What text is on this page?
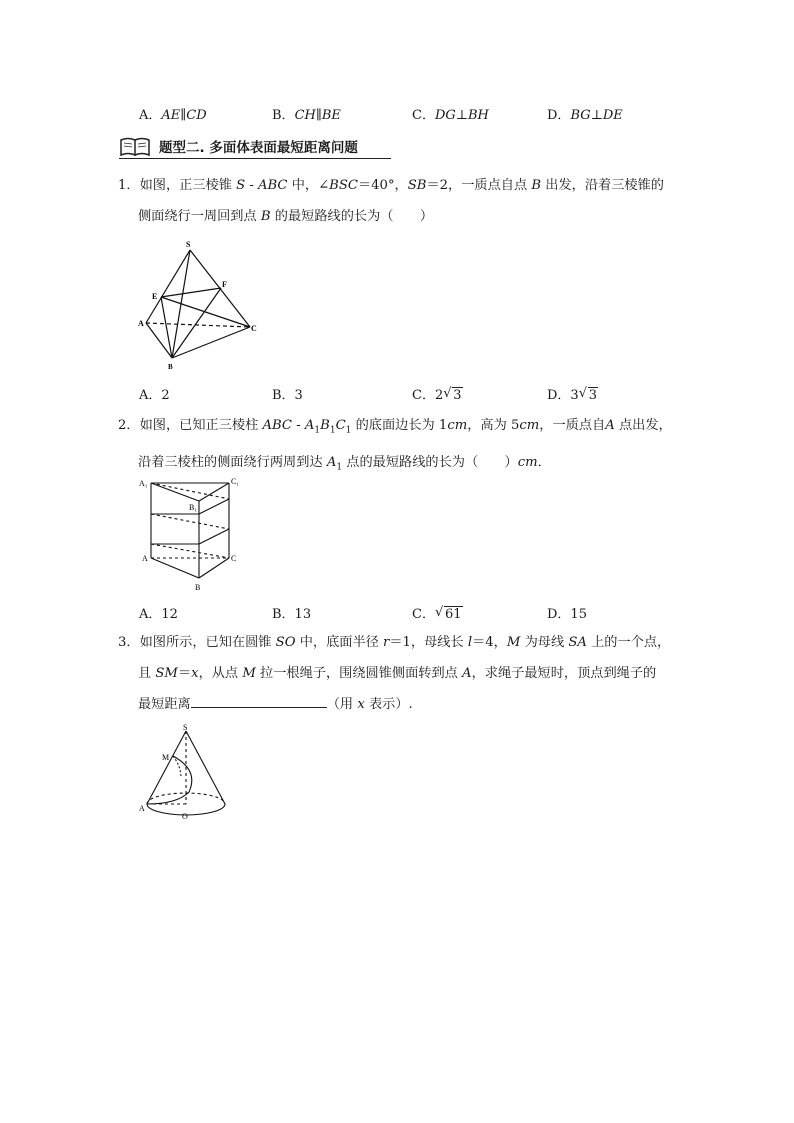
A．AE∥CD	B．CH∥BE	C．DG⊥BH	D．BG⊥DE
题型二. 多面体表面最短距离问题

1．如图，正三棱锥 S - ABC 中，∠BSC＝40°，SB＝2，一质点自点 B 出发，沿着三棱锥的

侧面绕行一周回到点 B 的最短路线的长为（　　）

S
E
F
A
C
B
A．2	B．3	C．2 √ 3	D．3 √ 3

2．如图，已知正三棱柱 ABC - $A_1B_1C_1$ 的底面边长为 1cm，高为 5cm，一质点自A 点出发，

沿着三棱柱的侧面绕行两周到达 $A_1$ 点的最短路线的长为（　　）cm．

A₁	C₁
B₁
A	C
B
A．12	B．13	C． √ 61	D．15

3．如图所示，已知在圆锥 SO 中，底面半径 r＝1，母线长 l＝4，M 为母线 SA 上的一个点，

且 SM＝x，从点 M 拉一根绳子，围绕圆锥侧面转到点 A，求绳子最短时，顶点到绳子的

最短距离	（用 x 表示）.

S
M
A
O
